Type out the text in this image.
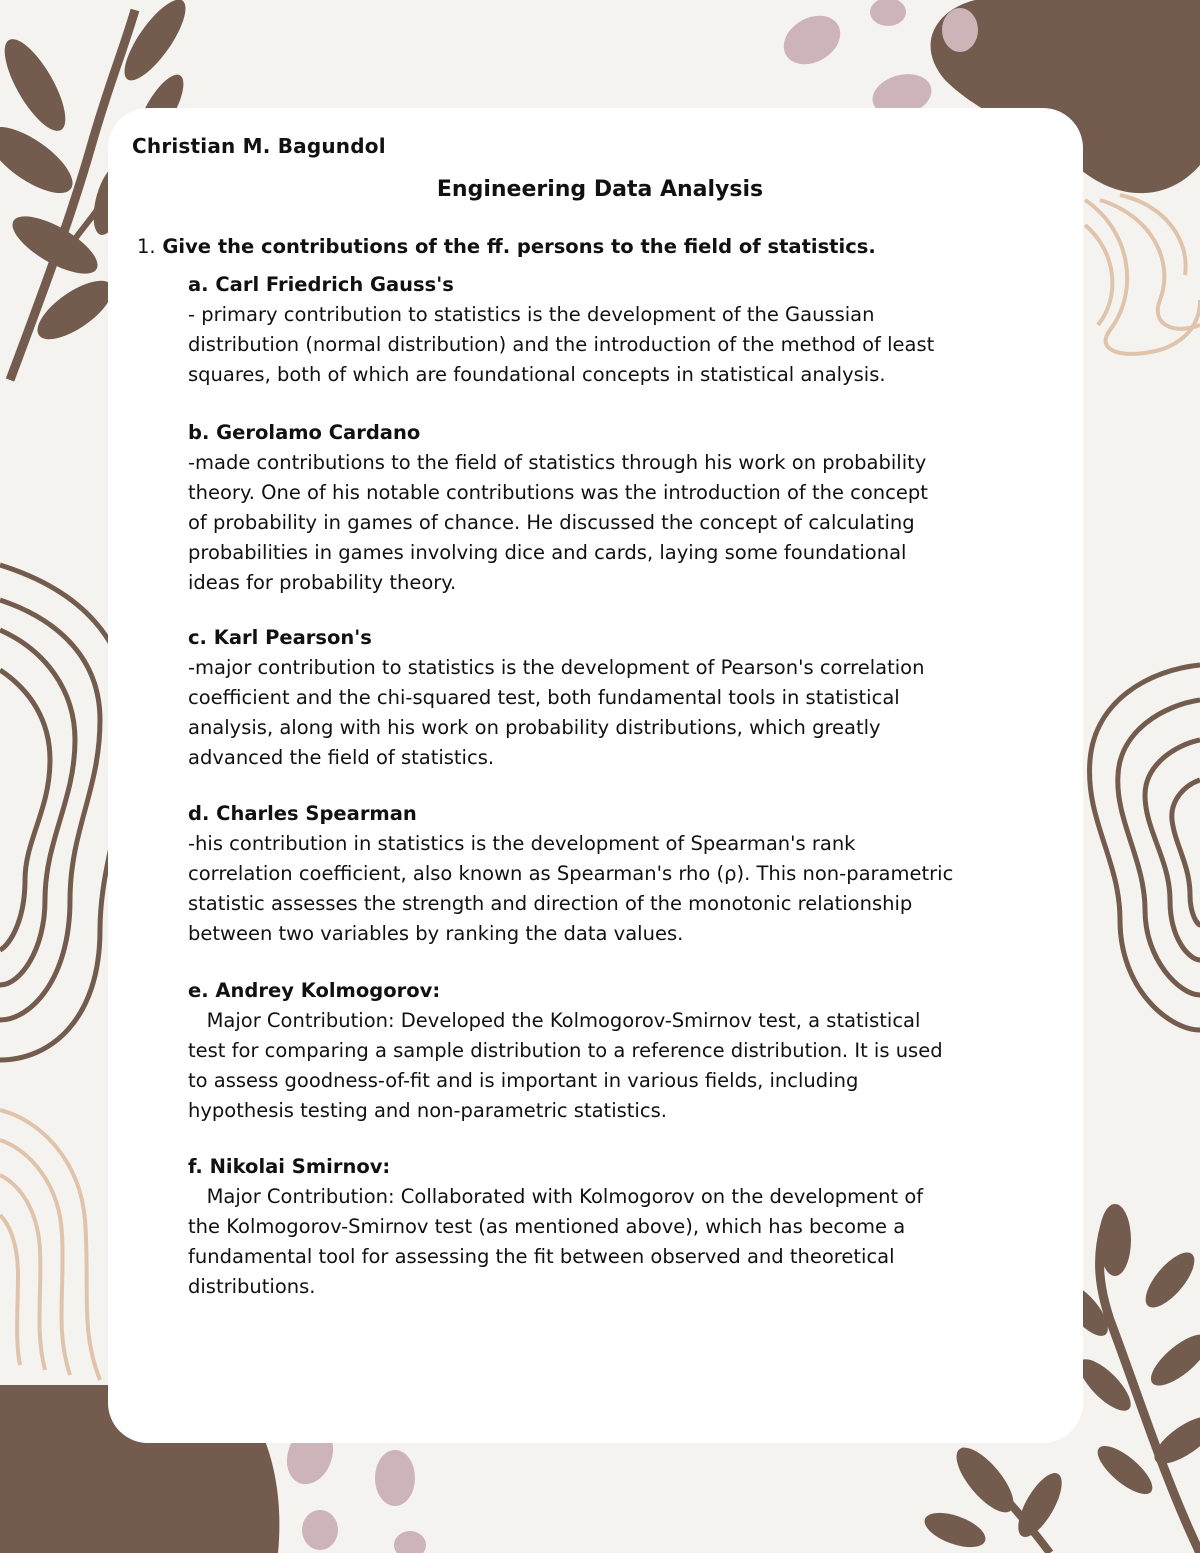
Christian M. Bagundol
Engineering Data Analysis
1. Give the contributions of the ff. persons to the field of statistics.
a. Carl Friedrich Gauss's
- primary contribution to statistics is the development of the Gaussian
distribution (normal distribution) and the introduction of the method of least
squares, both of which are foundational concepts in statistical analysis.
b. Gerolamo Cardano
-made contributions to the field of statistics through his work on probability
theory. One of his notable contributions was the introduction of the concept
of probability in games of chance. He discussed the concept of calculating
probabilities in games involving dice and cards, laying some foundational
ideas for probability theory.
c. Karl Pearson's
-major contribution to statistics is the development of Pearson's correlation
coefficient and the chi-squared test, both fundamental tools in statistical
analysis, along with his work on probability distributions, which greatly
advanced the field of statistics.
d. Charles Spearman
-his contribution in statistics is the development of Spearman's rank
correlation coefficient, also known as Spearman's rho (ρ). This non-parametric
statistic assesses the strength and direction of the monotonic relationship
between two variables by ranking the data values.
e. Andrey Kolmogorov:
Major Contribution: Developed the Kolmogorov-Smirnov test, a statistical
test for comparing a sample distribution to a reference distribution. It is used
to assess goodness-of-fit and is important in various fields, including
hypothesis testing and non-parametric statistics.
f. Nikolai Smirnov:
Major Contribution: Collaborated with Kolmogorov on the development of
the Kolmogorov-Smirnov test (as mentioned above), which has become a
fundamental tool for assessing the fit between observed and theoretical
distributions.
